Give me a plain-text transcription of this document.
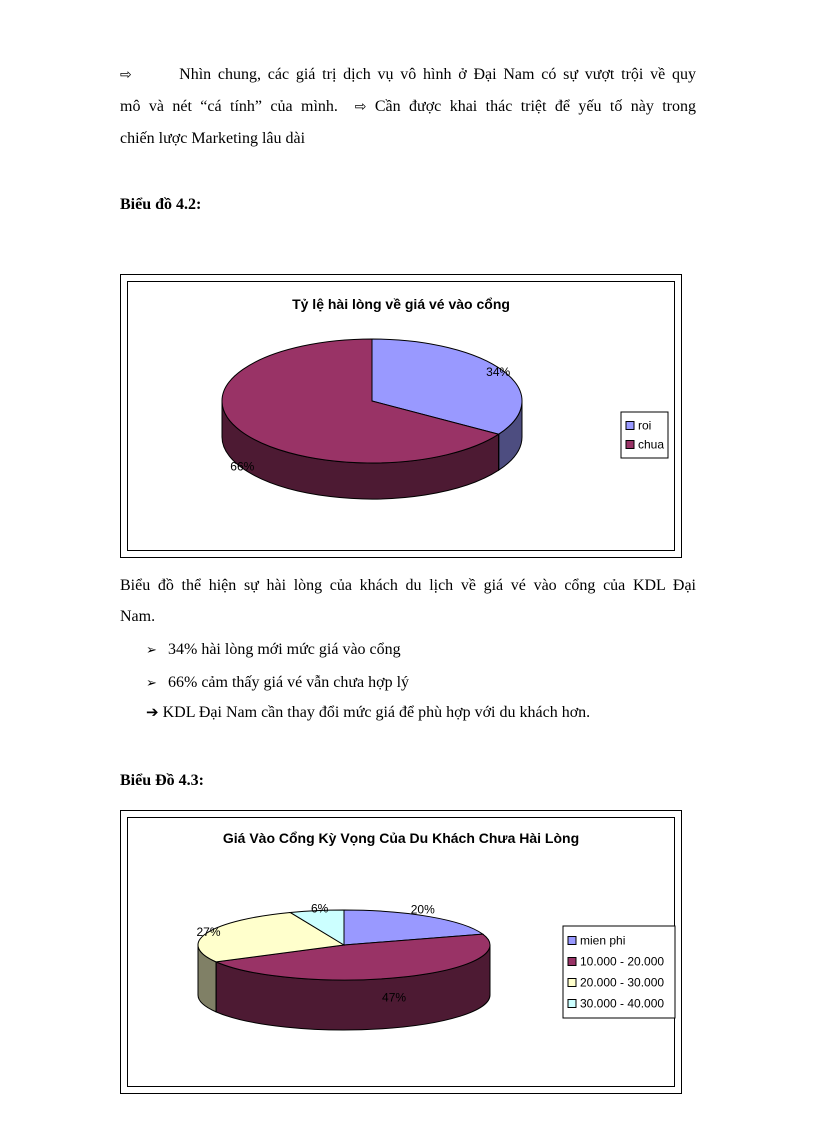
⇨	Nhìn chung, các giá trị dịch vụ vô hình ở Đại Nam có sự vượt trội về quy
mô và nét “cá tính” của mình. ⇨ Cần được khai thác triệt để yếu tố này trong
chiến lược Marketing lâu dài
Biểu đồ 4.2:
Tỷ lệ hài lòng về giá vé vào cổng
34%
66%
roi
chua
Biểu đồ thể hiện sự hài lòng của khách du lịch về giá vé vào cổng của KDL Đại
Nam.
➢ 34% hài lòng mới mức giá vào cổng
➢ 66% cảm thấy giá vé vẫn chưa hợp lý
➔ KDL Đại Nam cần thay đổi mức giá để phù hợp với du khách hơn.
Biểu Đồ 4.3:
Giá Vào Cổng Kỳ Vọng Của Du Khách Chưa Hài Lòng
20%
47%
27%
6%
mien phi
10.000 - 20.000
20.000 - 30.000
30.000 - 40.000
